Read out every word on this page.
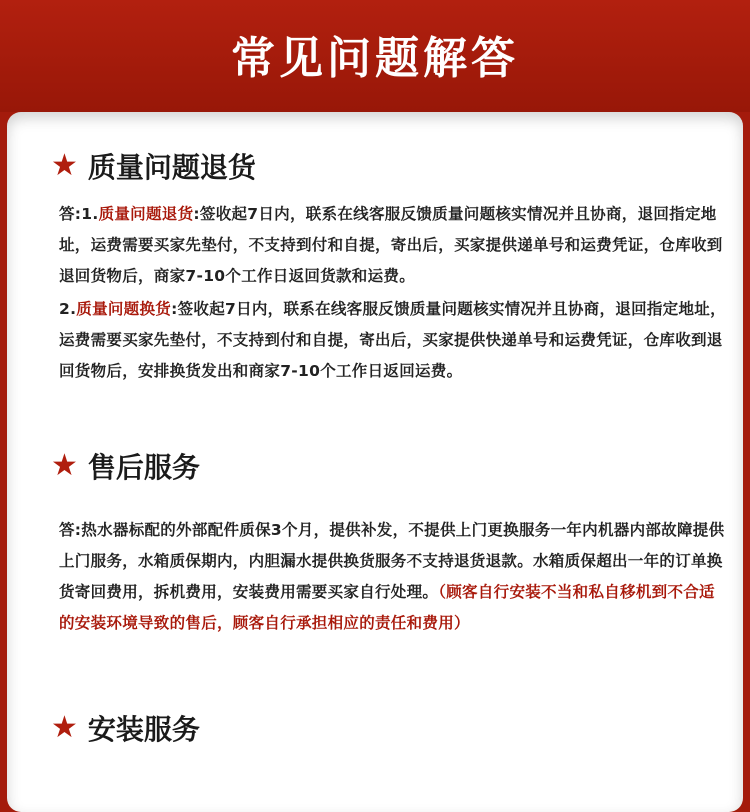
常见问题解答
★ 质量问题退货
答:1.质量问题退货:签收起7日内，联系在线客服反馈质量问题核实情况并且协商，退回指定地址，运费需要买家先垫付，不支持到付和自提，寄出后，买家提供递单号和运费凭证，仓库收到退回货物后，商家7-10个工作日返回货款和运费。
2.质量问题换货:签收起7日内，联系在线客服反馈质量问题核实情况并且协商，退回指定地址，运费需要买家先垫付，不支持到付和自提，寄出后，买家提供快递单号和运费凭证，仓库收到退回货物后，安排换货发出和商家7-10个工作日返回运费。
★ 售后服务
答:热水器标配的外部配件质保3个月，提供补发，不提供上门更换服务一年内机器内部故障提供上门服务，水箱质保期内，内胆漏水提供换货服务不支持退货退款。水箱质保超出一年的订单换货寄回费用，拆机费用，安装费用需要买家自行处理。（顾客自行安装不当和私自移机到不合适的安装环境导致的售后，顾客自行承担相应的责任和费用）
★ 安装服务
